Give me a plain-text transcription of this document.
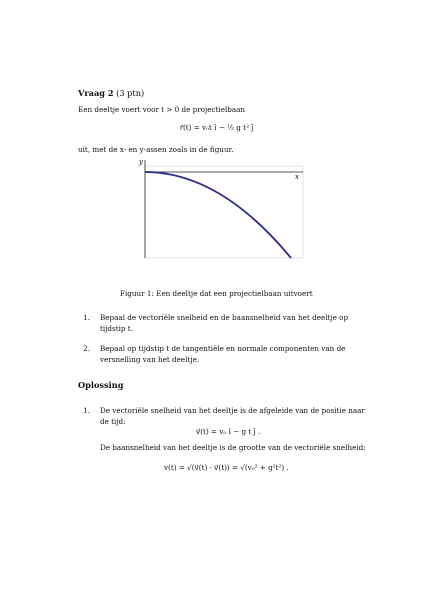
Vraag 2 (3 ptn)
Een deeltje voert voor t > 0 de projectielbaan
r⃗(t) = v₀t î − ½ g t² ĵ
uit, met de x- en y-assen zoals in de figuur.
y
x
Figuur 1: Een deeltje dat een projectielbaan uitvoert
1. Bepaal de vectoriële snelheid en de baansnelheid van het deeltje op
tijdstip t.
2. Bepaal op tijdstip t de tangentiële en normale componenten van de
versnelling van het deeltje.
Oplossing
1. De vectoriële snelheid van het deeltje is de afgeleide van de positie naar
de tijd:
v⃗(t) = v₀ î − g t ĵ .
De baansnelheid van het deeltje is de grootte van de vectoriële snelheid:
v(t) = √(v⃗(t) · v⃗(t)) = √(v₀² + g²t²) .
